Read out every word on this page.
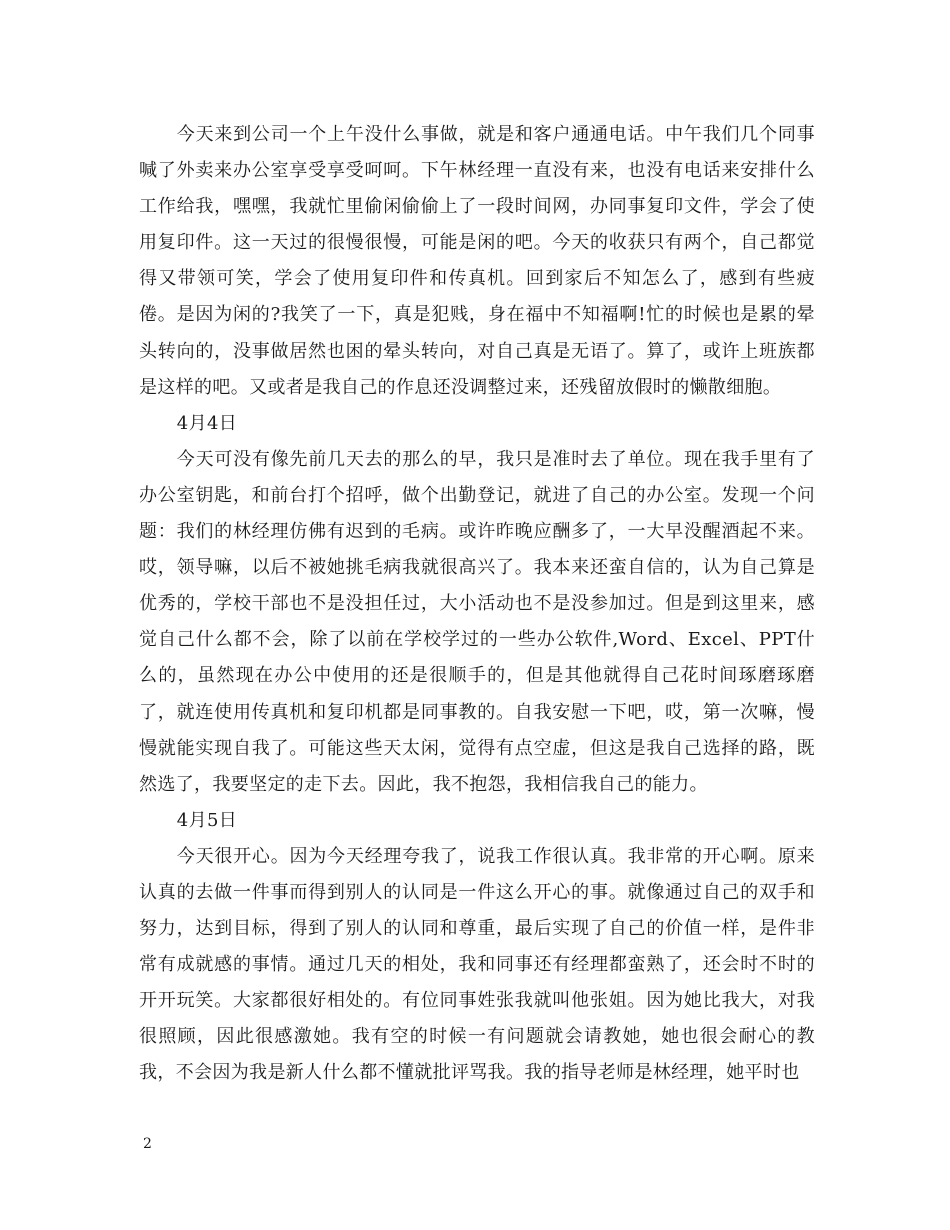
今天来到公司一个上午没什么事做，就是和客户通通电话。中午我们几个同事喊了外卖来办公室享受享受呵呵。下午林经理一直没有来，也没有电话来安排什么工作给我，嘿嘿，我就忙里偷闲偷偷上了一段时间网，办同事复印文件，学会了使用复印件。这一天过的很慢很慢，可能是闲的吧。今天的收获只有两个，自己都觉得又带领可笑，学会了使用复印件和传真机。回到家后不知怎么了，感到有些疲倦。是因为闲的?我笑了一下，真是犯贱，身在福中不知福啊!忙的时候也是累的晕头转向的，没事做居然也困的晕头转向，对自己真是无语了。算了，或许上班族都是这样的吧。又或者是我自己的作息还没调整过来，还残留放假时的懒散细胞。

4月4日

今天可没有像先前几天去的那么的早，我只是准时去了单位。现在我手里有了办公室钥匙，和前台打个招呼，做个出勤登记，就进了自己的办公室。发现一个问题：我们的林经理仿佛有迟到的毛病。或许昨晚应酬多了，一大早没醒酒起不来。哎，领导嘛，以后不被她挑毛病我就很高兴了。我本来还蛮自信的，认为自己算是优秀的，学校干部也不是没担任过，大小活动也不是没参加过。但是到这里来，感觉自己什么都不会，除了以前在学校学过的一些办公软件,Word、Excel、PPT什么的，虽然现在办公中使用的还是很顺手的，但是其他就得自己花时间琢磨琢磨了，就连使用传真机和复印机都是同事教的。自我安慰一下吧，哎，第一次嘛，慢慢就能实现自我了。可能这些天太闲，觉得有点空虚，但这是我自己选择的路，既然选了，我要坚定的走下去。因此，我不抱怨，我相信我自己的能力。

4月5日

今天很开心。因为今天经理夸我了，说我工作很认真。我非常的开心啊。原来认真的去做一件事而得到别人的认同是一件这么开心的事。就像通过自己的双手和努力，达到目标，得到了别人的认同和尊重，最后实现了自己的价值一样，是件非常有成就感的事情。通过几天的相处，我和同事还有经理都蛮熟了，还会时不时的开开玩笑。大家都很好相处的。有位同事姓张我就叫他张姐。因为她比我大，对我很照顾，因此很感激她。我有空的时候一有问题就会请教她，她也很会耐心的教我，不会因为我是新人什么都不懂就批评骂我。我的指导老师是林经理，她平时也

2
